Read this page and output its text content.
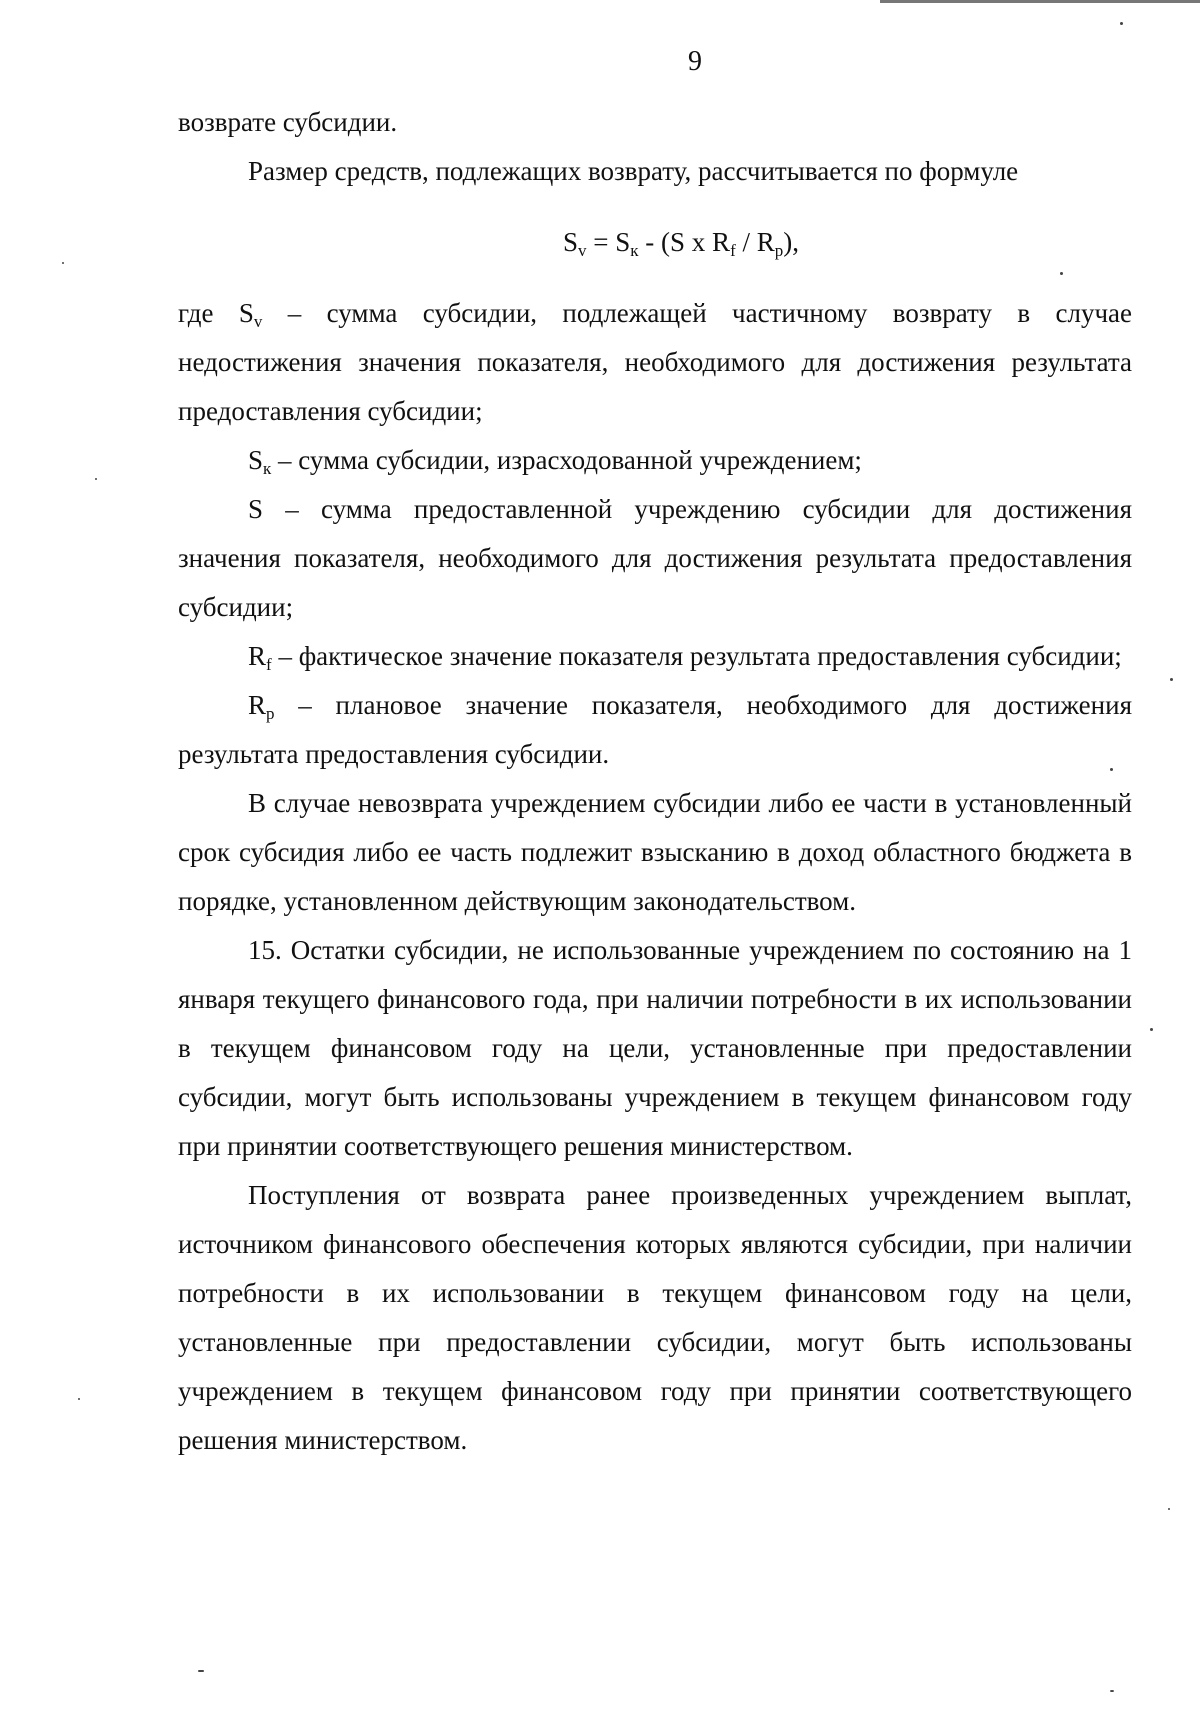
9

возврате субсидии.

Размер средств, подлежащих возврату, рассчитывается по формуле

$S_v = S_к - (S$ x $R_f / R_p$),

где $S_v$ – сумма субсидии, подлежащей частичному возврату в случае недостижения значения показателя, необходимого для достижения результата предоставления субсидии;

$S_к$ – сумма субсидии, израсходованной учреждением;

S – сумма предоставленной учреждению субсидии для достижения значения показателя, необходимого для достижения результата предоставления субсидии;

$R_f$ – фактическое значение показателя результата предоставления субсидии;

$R_p$ – плановое значение показателя, необходимого для достижения результата предоставления субсидии.

В случае невозврата учреждением субсидии либо ее части в установленный срок субсидия либо ее часть подлежит взысканию в доход областного бюджета в порядке, установленном действующим законодательством.

15. Остатки субсидии, не использованные учреждением по состоянию на 1 января текущего финансового года, при наличии потребности в их использовании в текущем финансовом году на цели, установленные при предоставлении субсидии, могут быть использованы учреждением в текущем финансовом году при принятии соответствующего решения министерством.

Поступления от возврата ранее произведенных учреждением выплат, источником финансового обеспечения которых являются субсидии, при наличии потребности в их использовании в текущем финансовом году на цели, установленные при предоставлении субсидии, могут быть использованы учреждением в текущем финансовом году при принятии соответствующего решения министерством.
